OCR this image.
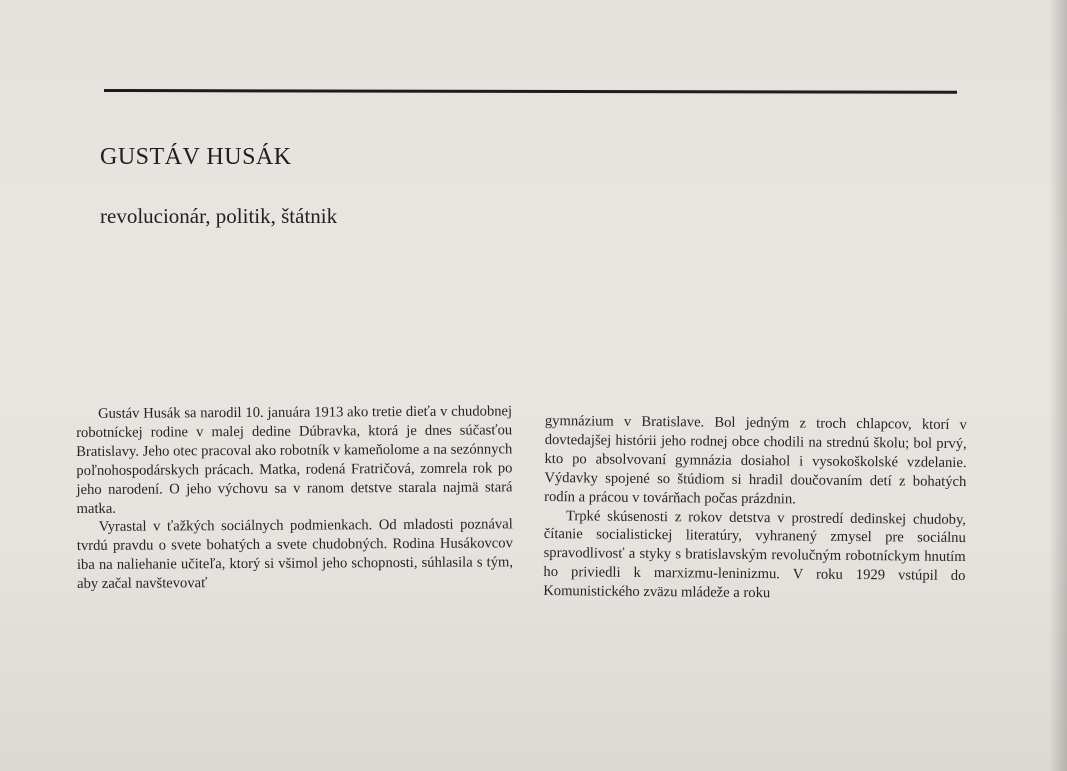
GUSTÁV HUSÁK
revolucionár, politik, štátnik

Gustáv Husák sa narodil 10. januára 1913 ako tretie dieťa v chudobnej robotníckej rodine v malej dedine Dúbravka, ktorá je dnes súčasťou Bratislavy. Jeho otec pracoval ako robotník v kameňolome a na sezónnych poľnohospodárskych prácach. Matka, rodená Fratričová, zomrela rok po jeho narodení. O jeho výchovu sa v ranom detstve starala najmä stará matka.

Vyrastal v ťažkých sociálnych podmienkach. Od mladosti poznával tvrdú pravdu o svete bohatých a svete chudobných. Rodina Husákovcov iba na naliehanie učiteľa, ktorý si všimol jeho schopnosti, súhlasila s tým, aby začal navštevovať

gymnázium v Bratislave. Bol jedným z troch chlapcov, ktorí v dovtedajšej histórii jeho rodnej obce chodili na strednú školu; bol prvý, kto po absolvovaní gymnázia dosiahol i vysokoškolské vzdelanie. Výdavky spojené so štúdiom si hradil doučovaním detí z bohatých rodín a prácou v továrňach počas prázdnin.

Trpké skúsenosti z rokov detstva v prostredí dedinskej chudoby, čítanie socialistickej literatúry, vyhranený zmysel pre sociálnu spravodlivosť a styky s bratislavským revolučným robotníckym hnutím ho priviedli k marxizmu-leninizmu. V roku 1929 vstúpil do Komunistického zväzu mládeže a roku
